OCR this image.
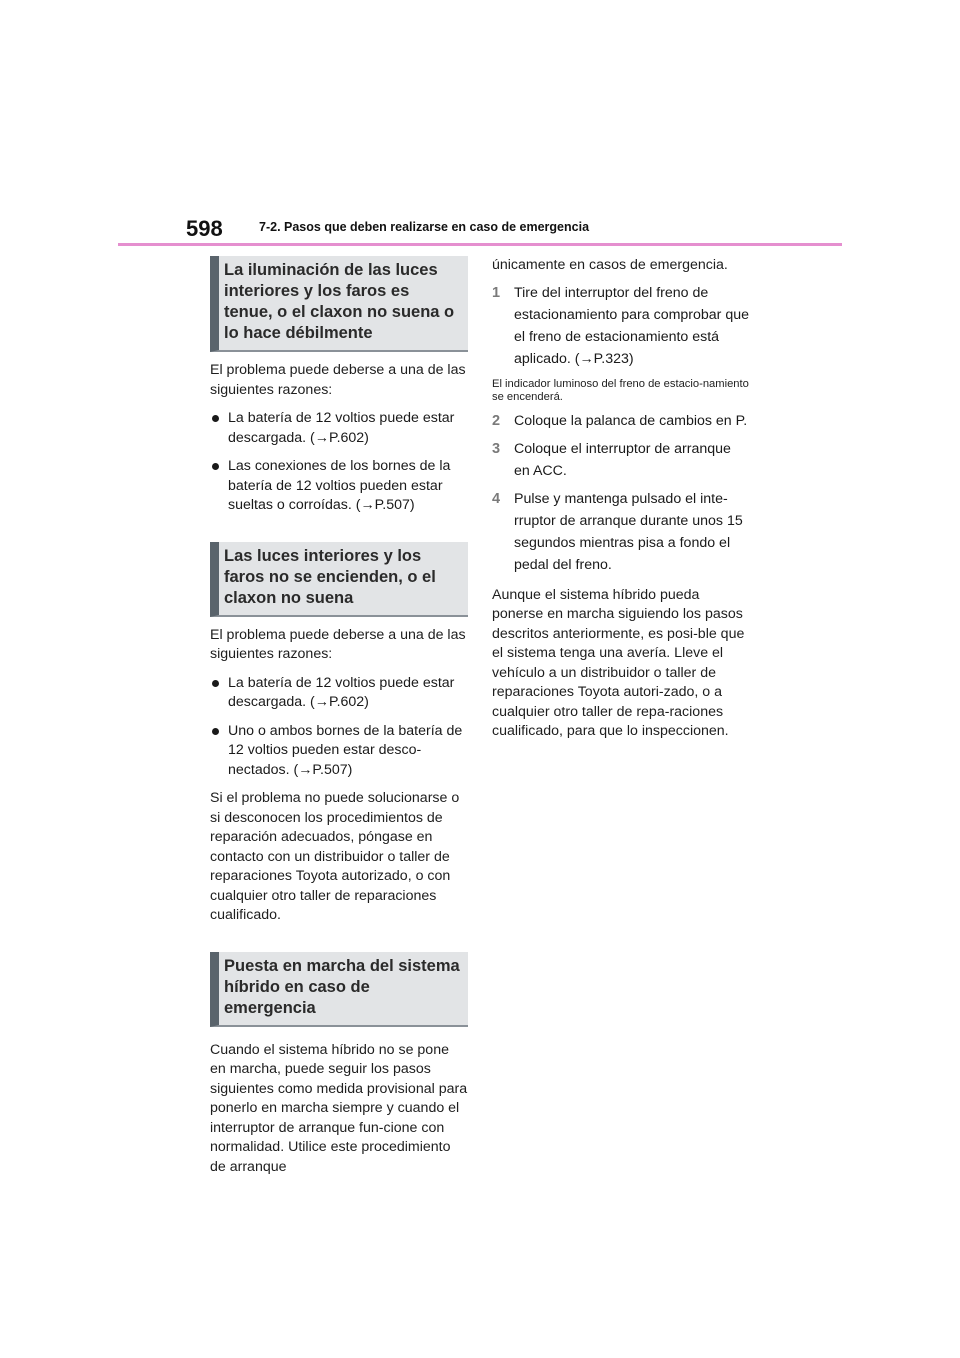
598	7-2. Pasos que deben realizarse en caso de emergencia
La iluminación de las luces interiores y los faros es tenue, o el claxon no suena o lo hace débilmente

El problema puede deberse a una de las siguientes razones:

La batería de 12 voltios puede estar descargada. (→P.602)
Las conexiones de los bornes de la batería de 12 voltios pueden estar sueltas o corroídas. (→P.507)
Las luces interiores y los faros no se encienden, o el claxon no suena

El problema puede deberse a una de las siguientes razones:

La batería de 12 voltios puede estar descargada. (→P.602)
Uno o ambos bornes de la batería de 12 voltios pueden estar desco-nectados. (→P.507)

Si el problema no puede solucionarse o si desconocen los procedimientos de reparación adecuados, póngase en contacto con un distribuidor o taller de reparaciones Toyota autorizado, o con cualquier otro taller de reparaciones cualificado.

Puesta en marcha del sistema híbrido en caso de emergencia

Cuando el sistema híbrido no se pone en marcha, puede seguir los pasos siguientes como medida provisional para ponerlo en marcha siempre y cuando el interruptor de arranque fun-cione con normalidad. Utilice este procedimiento de arranque

únicamente en casos de emergencia.

1 Tire del interruptor del freno de estacionamiento para comprobar que el freno de estacionamiento está aplicado. (→P.323)
El indicador luminoso del freno de estacio-namiento se encenderá.
2 Coloque la palanca de cambios en P.
3 Coloque el interruptor de arranque en ACC.
4 Pulse y mantenga pulsado el inte-rruptor de arranque durante unos 15 segundos mientras pisa a fondo el pedal del freno.

Aunque el sistema híbrido pueda ponerse en marcha siguiendo los pasos descritos anteriormente, es posi-ble que el sistema tenga una avería. Lleve el vehículo a un distribuidor o taller de reparaciones Toyota autori-zado, o a cualquier otro taller de repa-raciones cualificado, para que lo inspeccionen.
